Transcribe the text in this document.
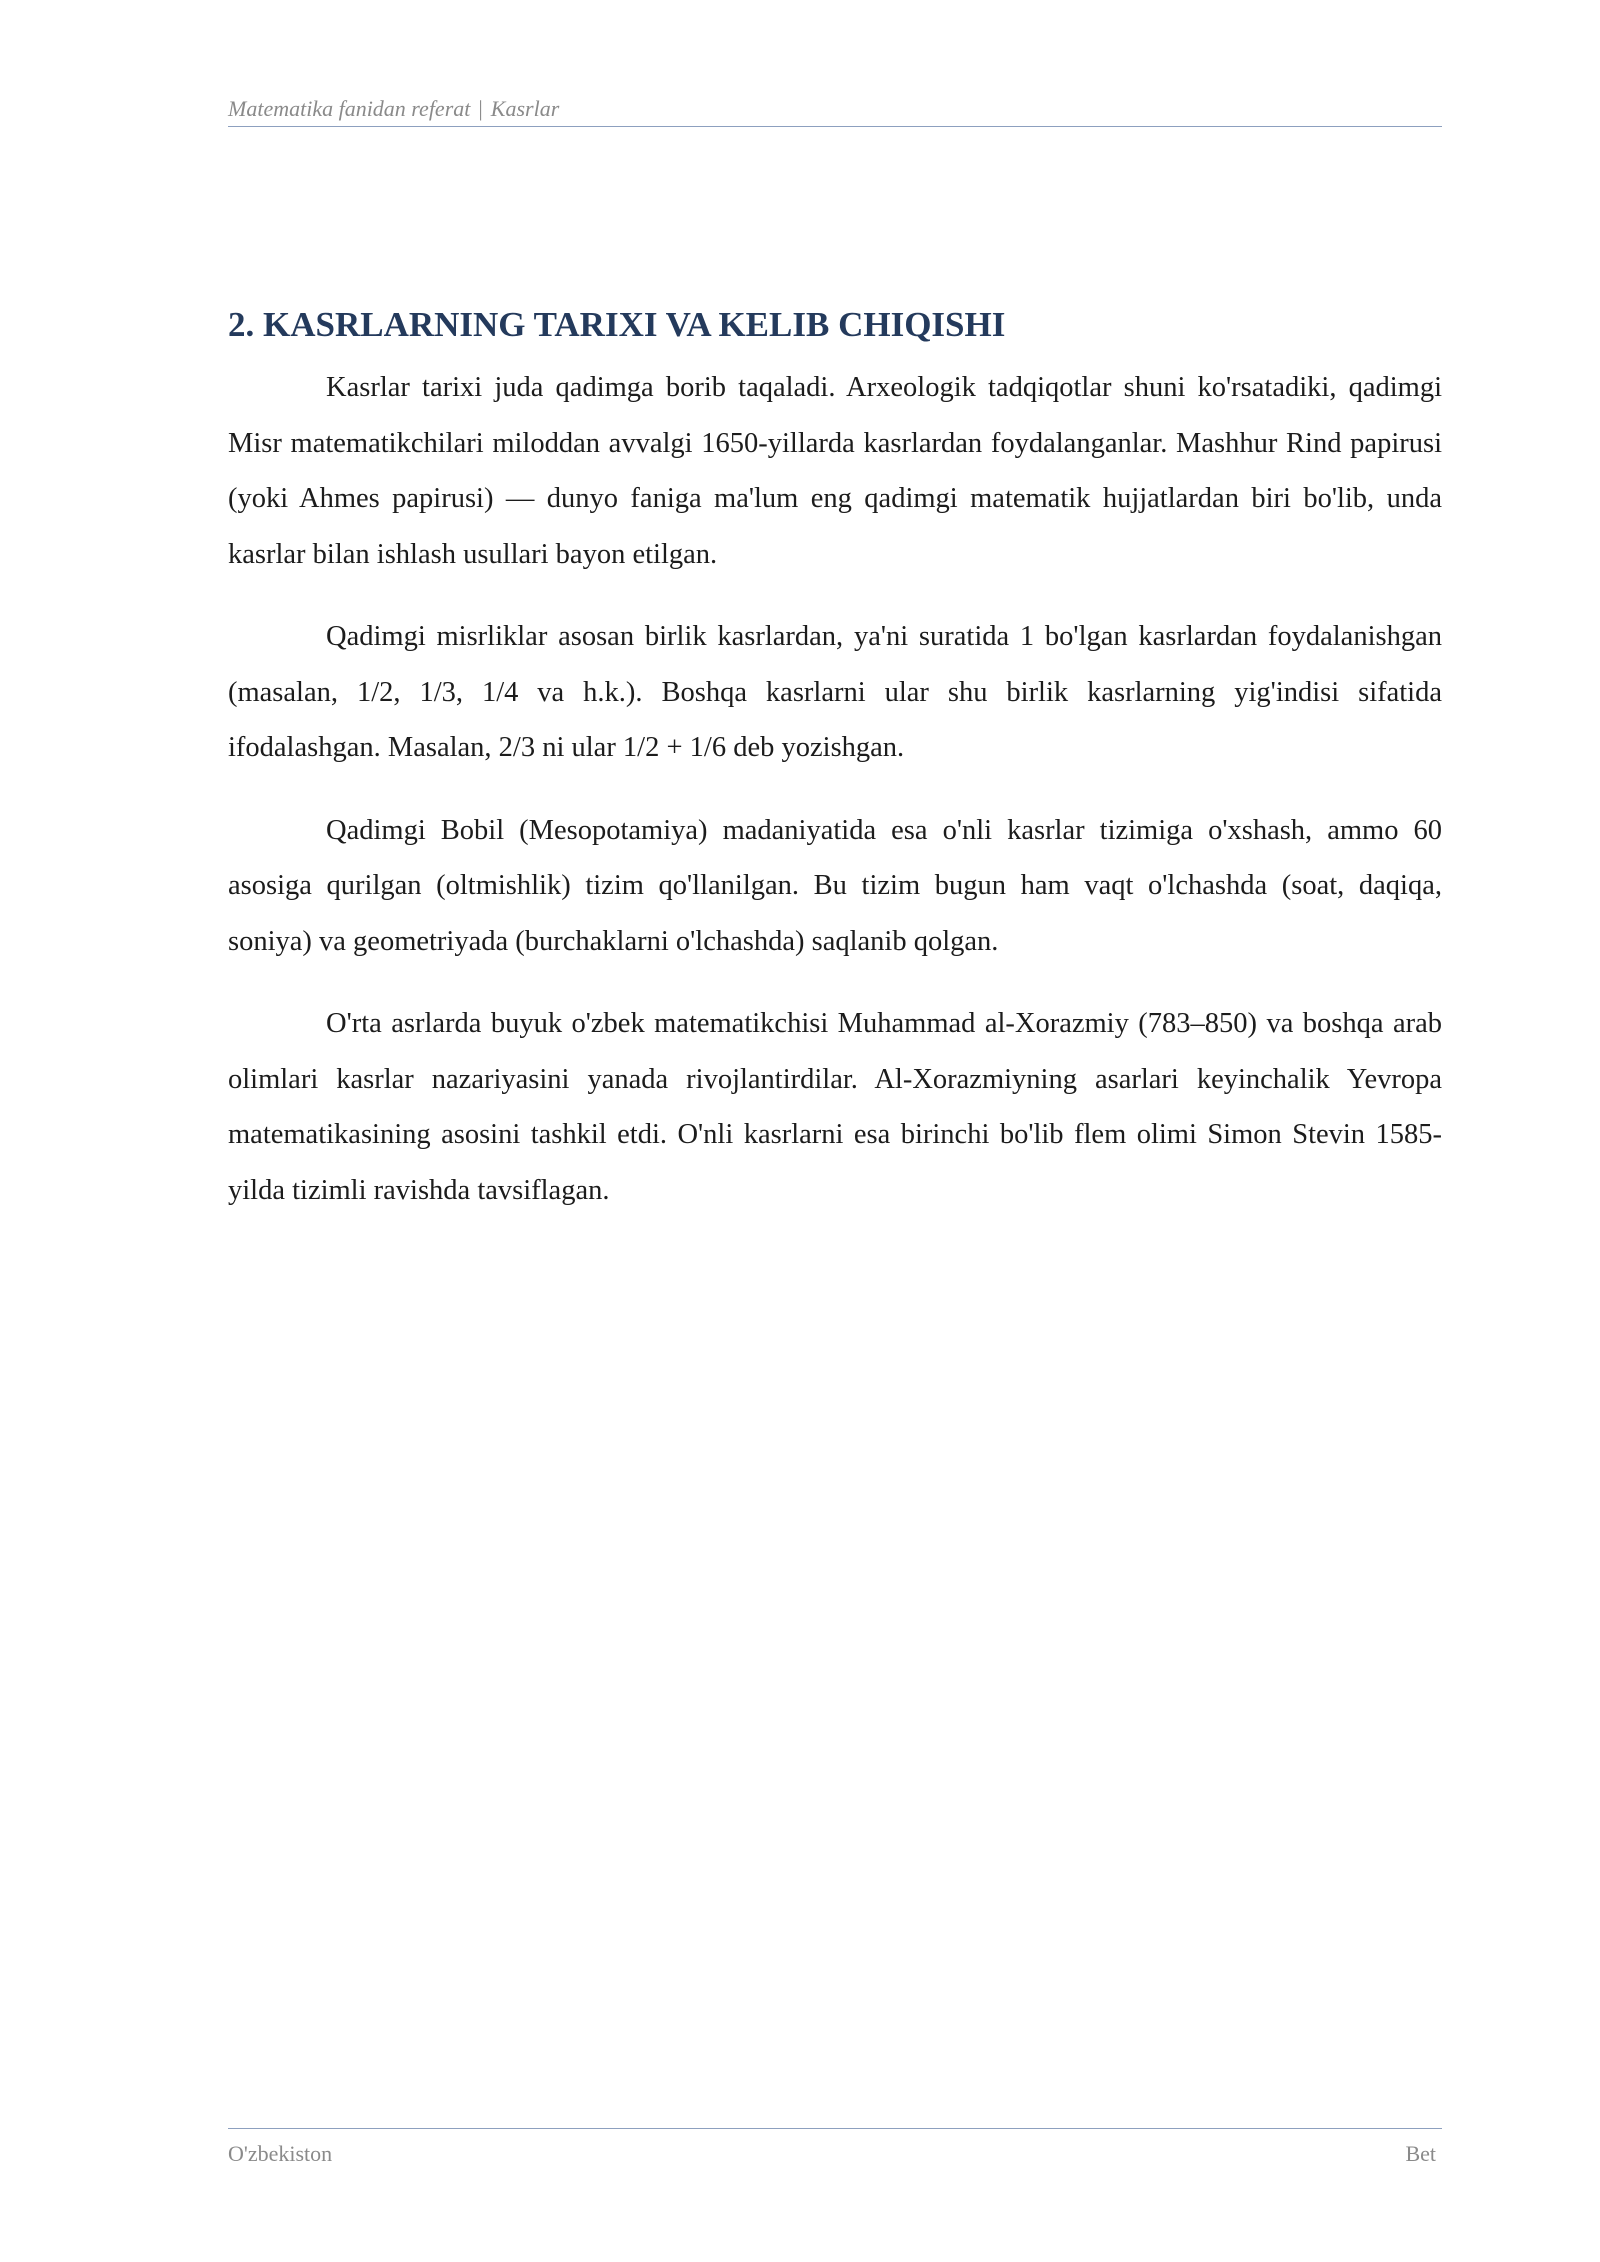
Matematika fanidan referat | Kasrlar
2. KASRLARNING TARIXI VA KELIB CHIQISHI

Kasrlar tarixi juda qadimga borib taqaladi. Arxeologik tadqiqotlar shuni ko'rsatadiki, qadimgi Misr matematikchilari miloddan avvalgi 1650-yillarda kasrlardan foydalanganlar. Mashhur Rind papirusi (yoki Ahmes papirusi) — dunyo faniga ma'lum eng qadimgi matematik hujjatlardan biri bo'lib, unda kasrlar bilan ishlash usullari bayon etilgan.

Qadimgi misrliklar asosan birlik kasrlardan, ya'ni suratida 1 bo'lgan kasrlardan foydalanishgan (masalan, 1/2, 1/3, 1/4 va h.k.). Boshqa kasrlarni ular shu birlik kasrlarning yig'indisi sifatida ifodalashgan. Masalan, 2/3 ni ular 1/2 + 1/6 deb yozishgan.

Qadimgi Bobil (Mesopotamiya) madaniyatida esa o'nli kasrlar tizimiga o'xshash, ammo 60 asosiga qurilgan (oltmishlik) tizim qo'llanilgan. Bu tizim bugun ham vaqt o'lchashda (soat, daqiqa, soniya) va geometriyada (burchaklarni o'lchashda) saqlanib qolgan.

O'rta asrlarda buyuk o'zbek matematikchisi Muhammad al-Xorazmiy (783–850) va boshqa arab olimlari kasrlar nazariyasini yanada rivojlantirdilar. Al-Xorazmiyning asarlari keyinchalik Yevropa matematikasining asosini tashkil etdi. O'nli kasrlarni esa birinchi bo'lib flem olimi Simon Stevin 1585-yilda tizimli ravishda tavsiflagan.

O'zbekiston	Bet
